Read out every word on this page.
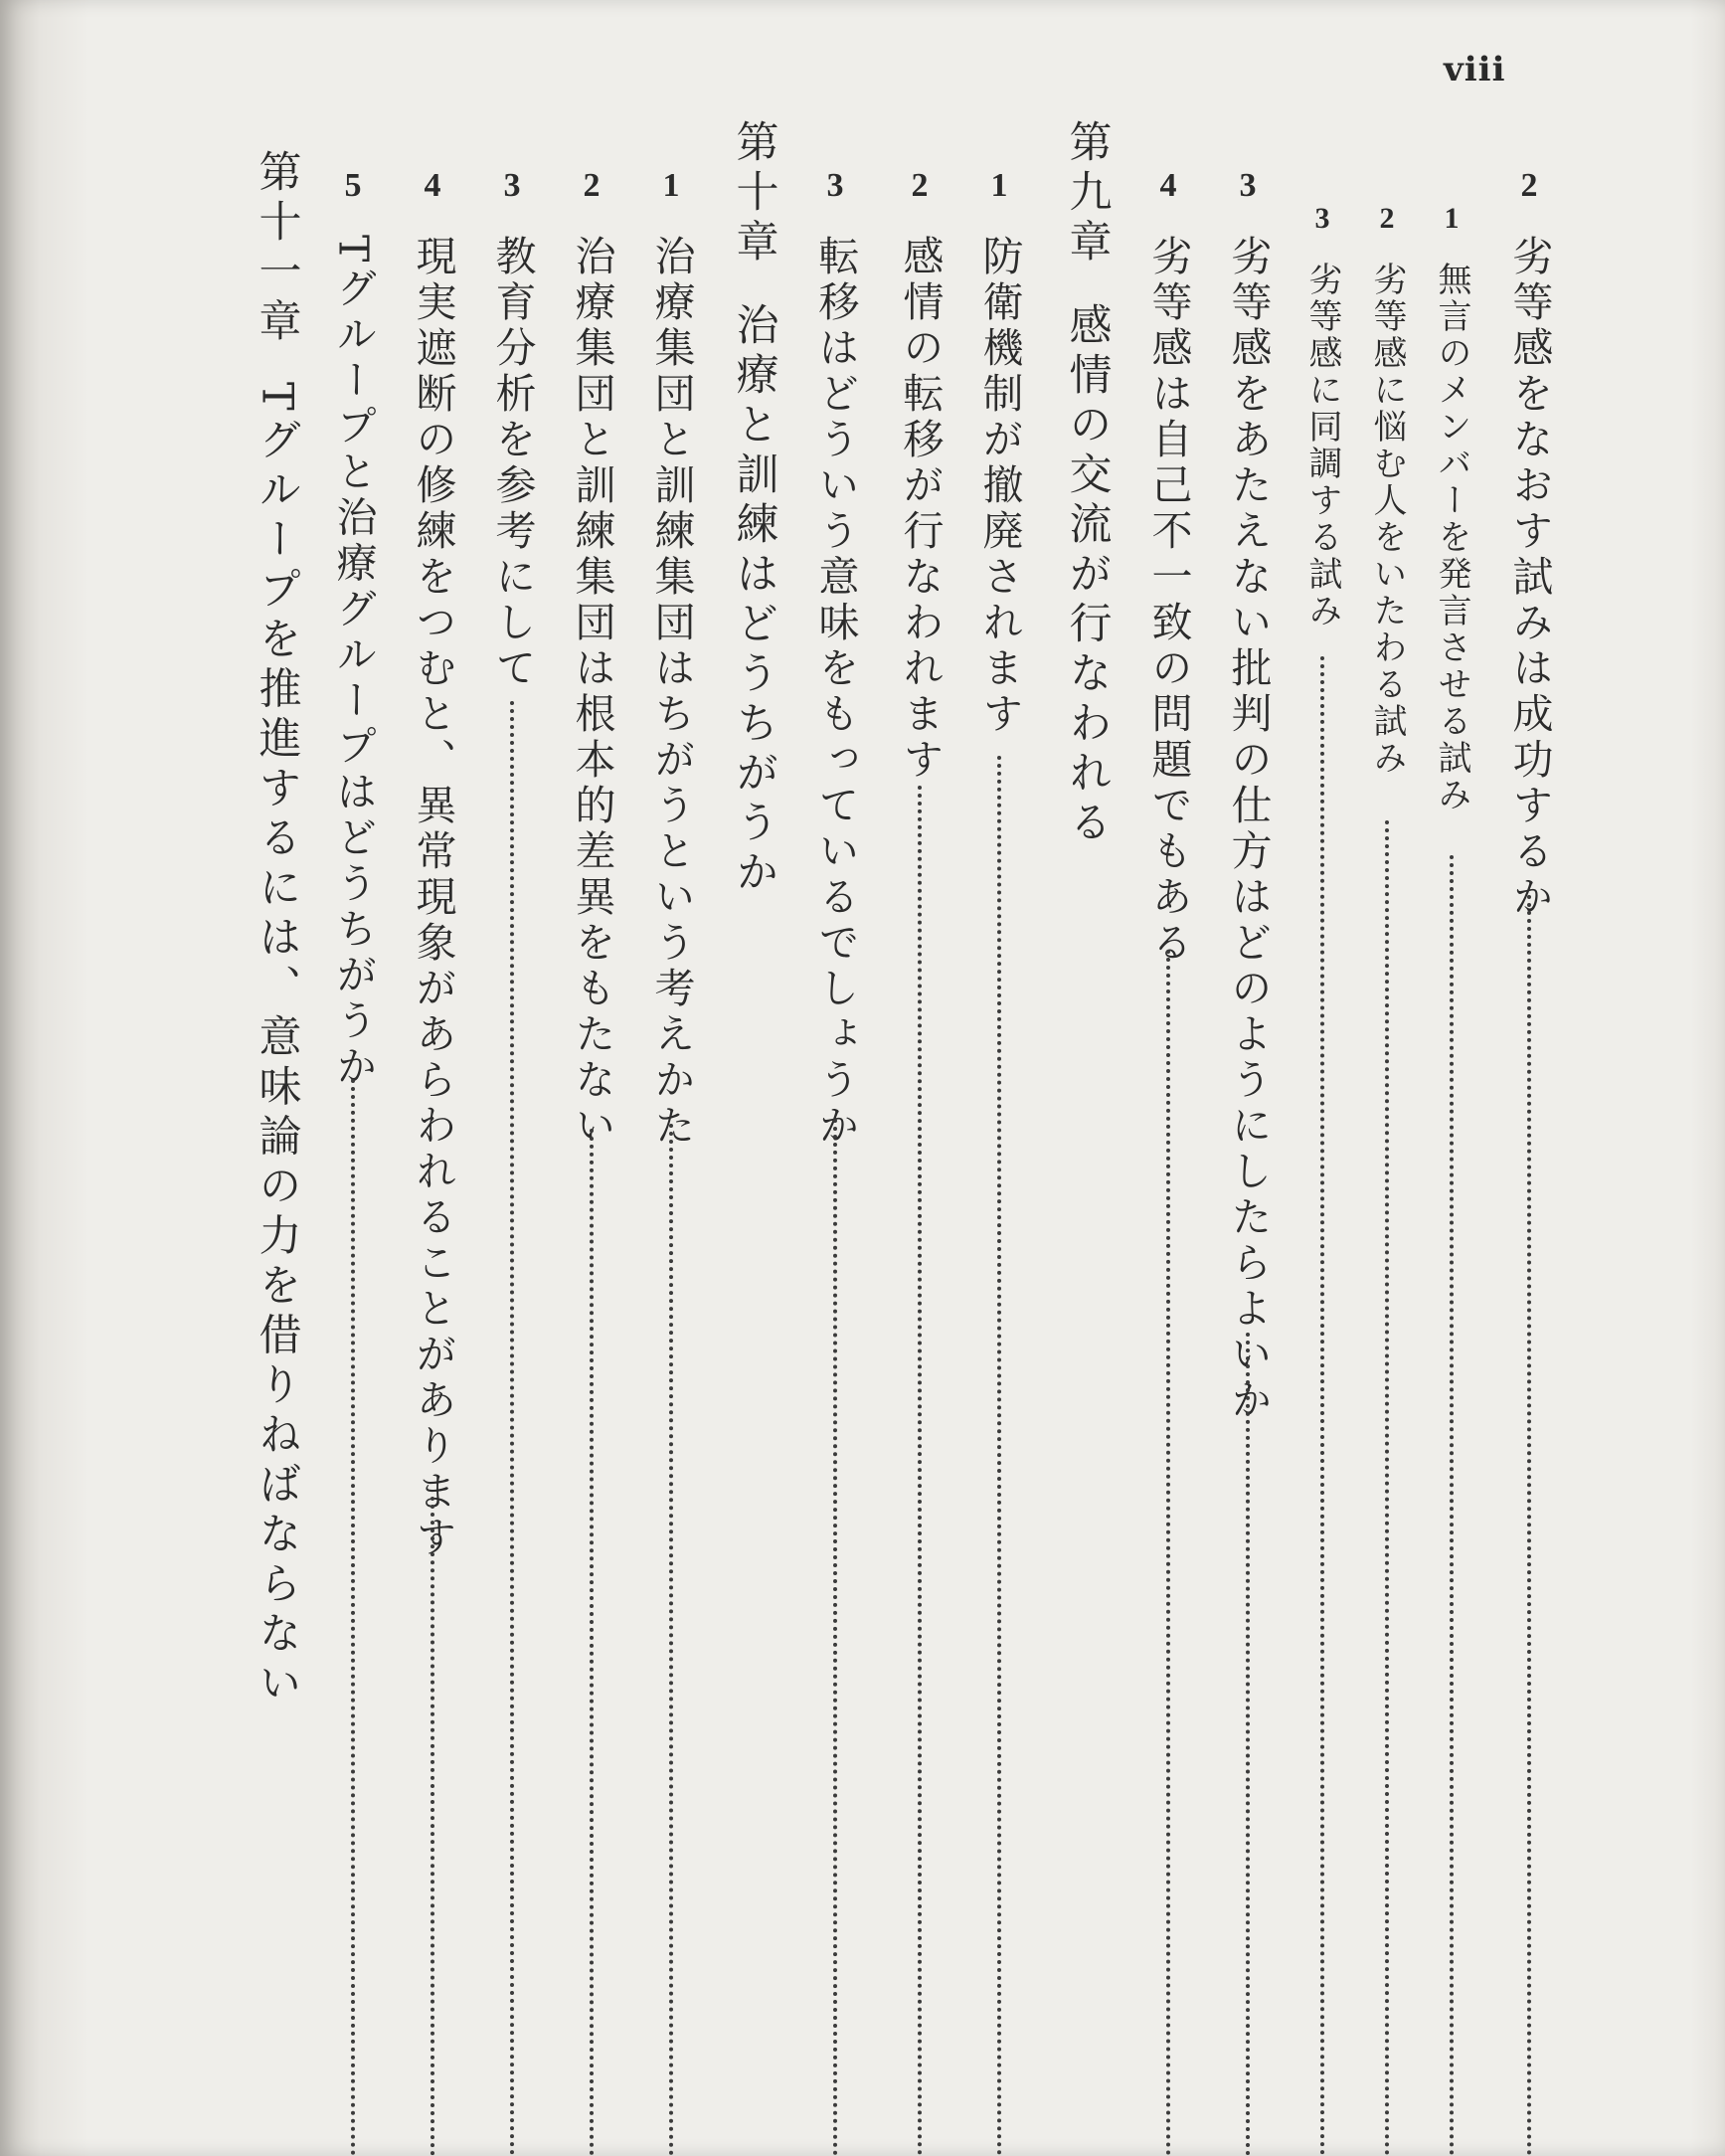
viii
2
劣等感をなおす試みは成功するか
1
無言のメンバーを発言させる試み
2
劣等感に悩む人をいたわる試み
3
劣等感に同調する試み
3
劣等感をあたえない批判の仕方はどのようにしたらよいか
4
劣等感は自己不一致の問題でもある
第九章
感情の交流が行なわれる
1
防衛機制が撤廃されます
2
感情の転移が行なわれます
3
転移はどういう意味をもっているでしょうか
第十章
治療と訓練はどうちがうか
1
治療集団と訓練集団はちがうという考えかた
2
治療集団と訓練集団は根本的差異をもたない
3
教育分析を参考にして
4
現実遮断の修練をつむと、異常現象があらわれることがあります
5
Tグループと治療グループはどうちがうか
第十一章
Tグループを推進するには、意味論の力を借りねばならない
